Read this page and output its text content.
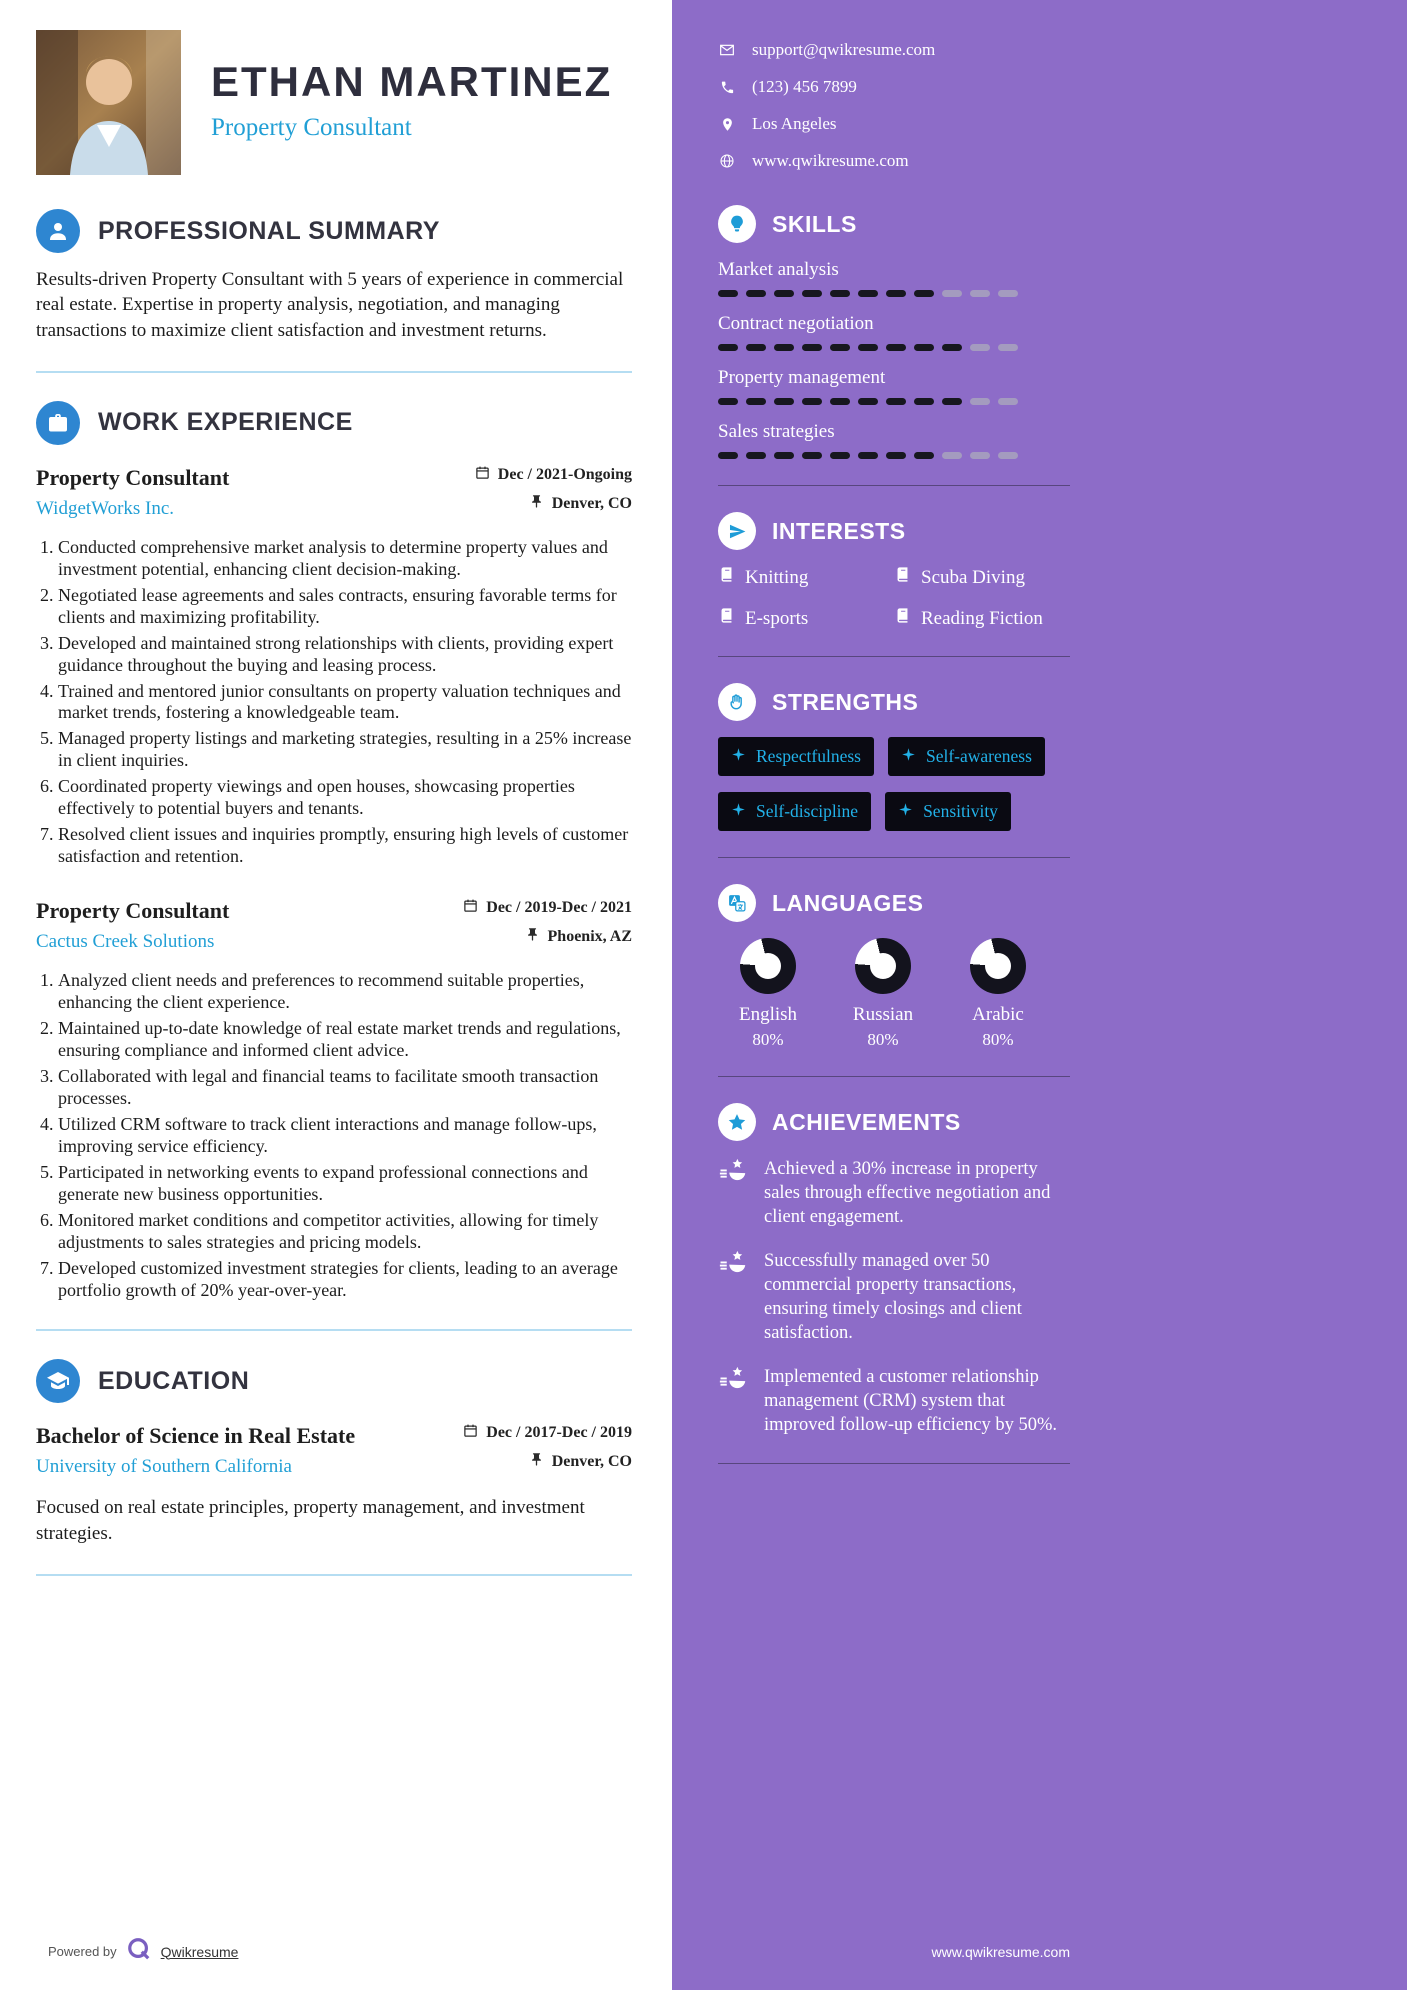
ETHAN MARTINEZ
Property Consultant
PROFESSIONAL SUMMARY

Results-driven Property Consultant with 5 years of experience in commercial real estate. Expertise in property analysis, negotiation, and managing transactions to maximize client satisfaction and investment returns.

WORK EXPERIENCE
Property Consultant
WidgetWorks Inc.
Dec / 2021-Ongoing
Denver, CO
1. Conducted comprehensive market analysis to determine property values and investment potential, enhancing client decision-making.
2. Negotiated lease agreements and sales contracts, ensuring favorable terms for clients and maximizing profitability.
3. Developed and maintained strong relationships with clients, providing expert guidance throughout the buying and leasing process.
4. Trained and mentored junior consultants on property valuation techniques and market trends, fostering a knowledgeable team.
5. Managed property listings and marketing strategies, resulting in a 25% increase in client inquiries.
6. Coordinated property viewings and open houses, showcasing properties effectively to potential buyers and tenants.
7. Resolved client issues and inquiries promptly, ensuring high levels of customer satisfaction and retention.
Property Consultant
Cactus Creek Solutions
Dec / 2019-Dec / 2021
Phoenix, AZ
1. Analyzed client needs and preferences to recommend suitable properties, enhancing the client experience.
2. Maintained up-to-date knowledge of real estate market trends and regulations, ensuring compliance and informed client advice.
3. Collaborated with legal and financial teams to facilitate smooth transaction processes.
4. Utilized CRM software to track client interactions and manage follow-ups, improving service efficiency.
5. Participated in networking events to expand professional connections and generate new business opportunities.
6. Monitored market conditions and competitor activities, allowing for timely adjustments to sales strategies and pricing models.
7. Developed customized investment strategies for clients, leading to an average portfolio growth of 20% year-over-year.
EDUCATION
Bachelor of Science in Real Estate
University of Southern California
Dec / 2017-Dec / 2019
Denver, CO

Focused on real estate principles, property management, and investment strategies.

Powered by	Qwikresume
support@qwikresume.com
(123) 456 7899
Los Angeles
www.qwikresume.com
SKILLS
Market analysis
Contract negotiation
Property management
Sales strategies
INTERESTS
Knitting	Scuba Diving
E-sports	Reading Fiction
STRENGTHS
Respectfulness	Self-awareness
Self-discipline	Sensitivity
LANGUAGES
English
80%
Russian
80%
Arabic
80%
ACHIEVEMENTS

Achieved a 30% increase in property sales through effective negotiation and client engagement.

Successfully managed over 50 commercial property transactions, ensuring timely closings and client satisfaction.

Implemented a customer relationship management (CRM) system that improved follow-up efficiency by 50%.

www.qwikresume.com
